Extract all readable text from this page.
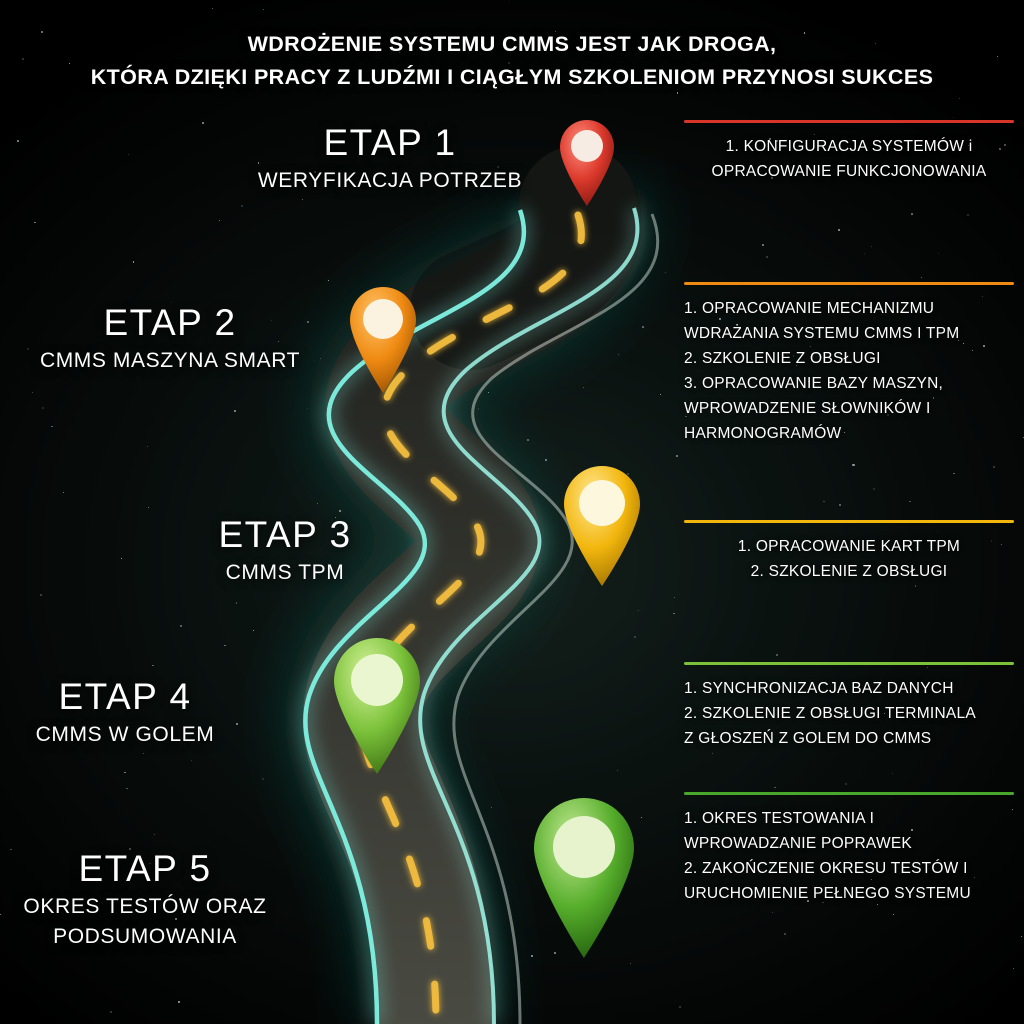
WDROŻENIE SYSTEMU CMMS JEST JAK DROGA,
KTÓRA DZIĘKI PRACY Z LUDŹMI I CIĄGŁYM SZKOLENIOM PRZYNOSI SUKCES
ETAP 1
WERYFIKACJA POTRZEB
ETAP 2
CMMS MASZYNA SMART
ETAP 3
CMMS TPM
ETAP 4
CMMS W GOLEM
ETAP 5
OKRES TESTÓW ORAZ
PODSUMOWANIA

1. KONFIGURACJA SYSTEMÓW i

OPRACOWANIE FUNKCJONOWANIA

1. OPRACOWANIE MECHANIZMU

WDRAŻANIA SYSTEMU CMMS I TPM

2. SZKOLENIE Z OBSŁUGI

3. OPRACOWANIE BAZY MASZYN,

WPROWADZENIE SŁOWNIKÓW I

HARMONOGRAMÓW

1. OPRACOWANIE KART TPM

2. SZKOLENIE Z OBSŁUGI

1. SYNCHRONIZACJA BAZ DANYCH

2. SZKOLENIE Z OBSŁUGI TERMINALA

Z GŁOSZEŃ Z GOLEM DO CMMS

1. OKRES TESTOWANIA I

WPROWADZANIE POPRAWEK

2. ZAKOŃCZENIE OKRESU TESTÓW I

URUCHOMIENIE PEŁNEGO SYSTEMU
